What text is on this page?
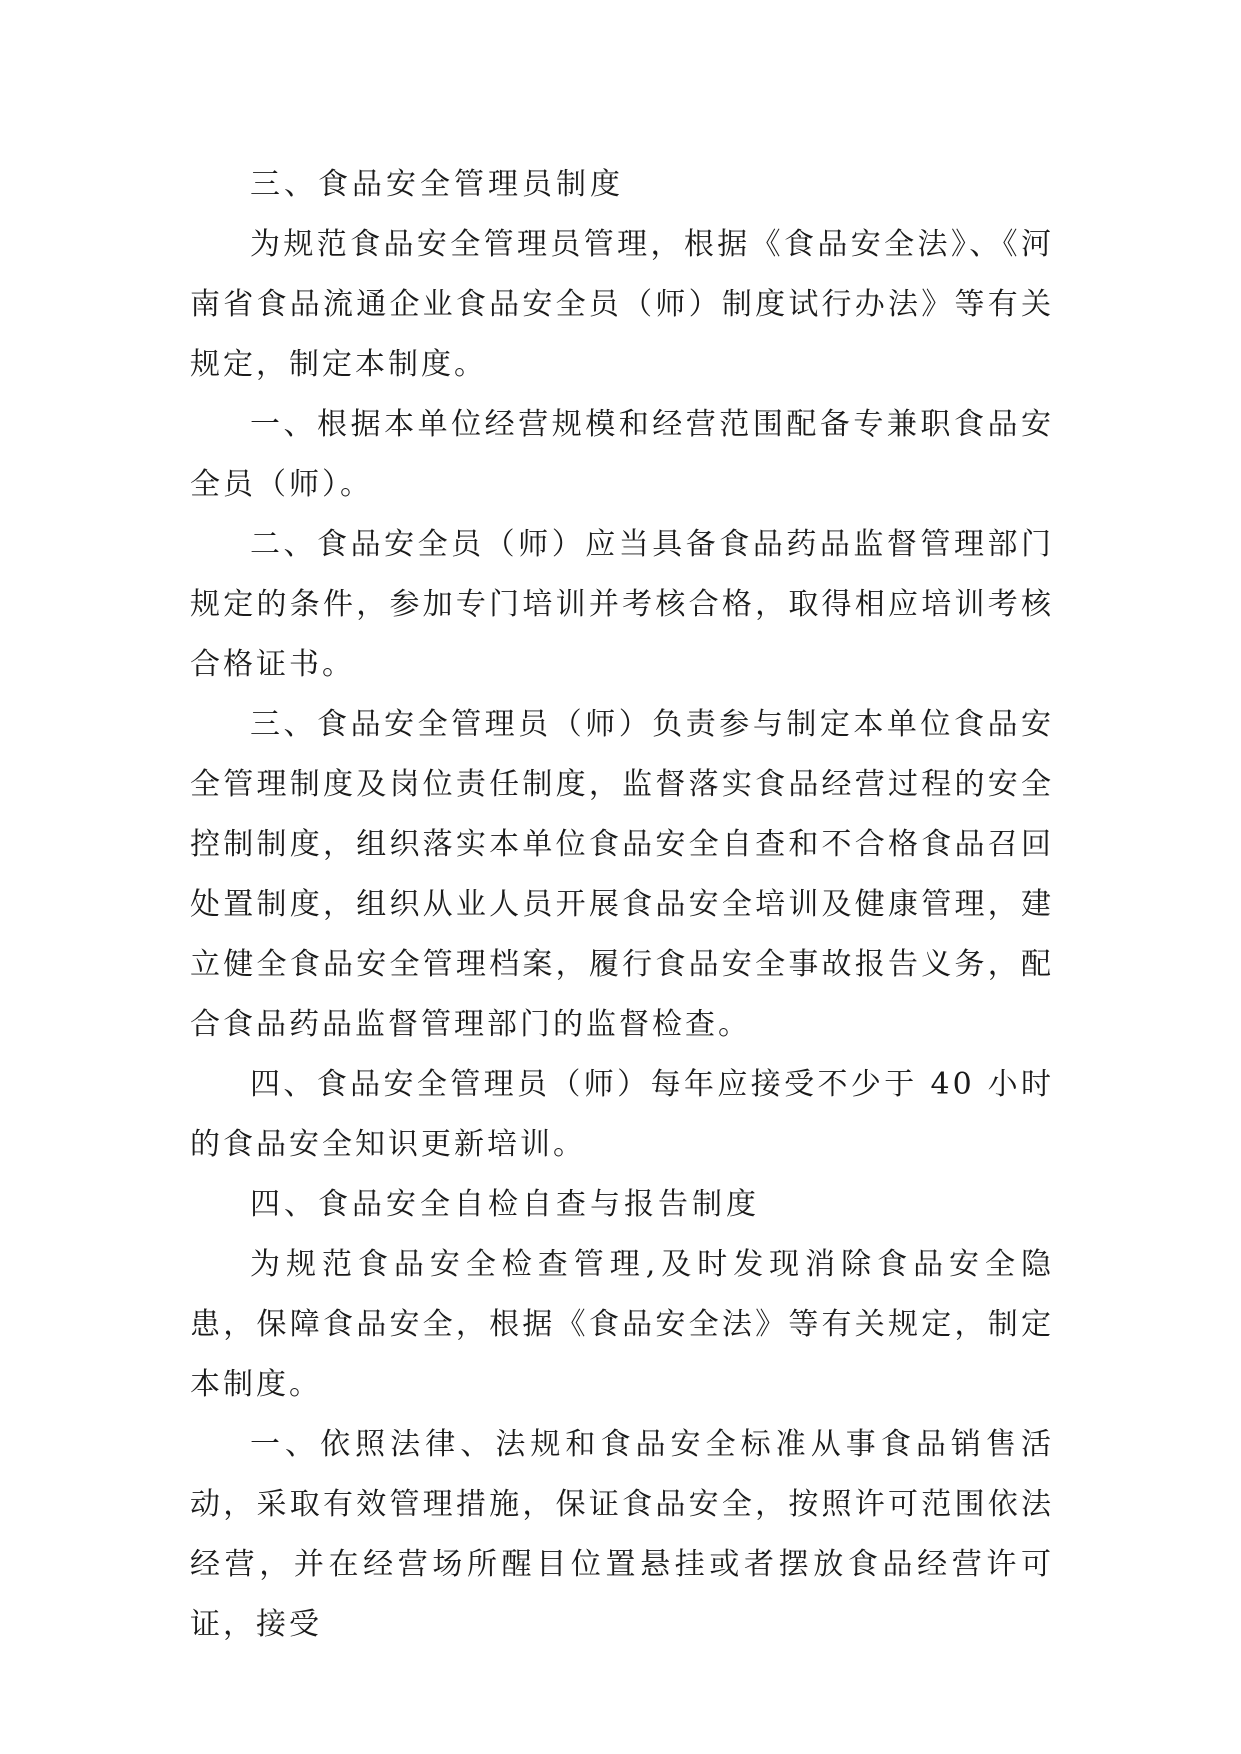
三、食品安全管理员制度

为规范食品安全管理员管理，根据《食品安全法》、《河南省食品流通企业食品安全员（师）制度试行办法》等有关规定，制定本制度。

一、根据本单位经营规模和经营范围配备专兼职食品安全员（师）。

二、食品安全员（师）应当具备食品药品监督管理部门规定的条件，参加专门培训并考核合格，取得相应培训考核合格证书。

三、食品安全管理员（师）负责参与制定本单位食品安全管理制度及岗位责任制度，监督落实食品经营过程的安全控制制度，组织落实本单位食品安全自查和不合格食品召回处置制度，组织从业人员开展食品安全培训及健康管理，建立健全食品安全管理档案，履行食品安全事故报告义务，配合食品药品监督管理部门的监督检查。

四、食品安全管理员（师）每年应接受不少于 40 小时的食品安全知识更新培训。

四、食品安全自检自查与报告制度

为规范食品安全检查管理,及时发现消除食品安全隐患，保障食品安全，根据《食品安全法》等有关规定，制定本制度。

一、依照法律、法规和食品安全标准从事食品销售活动，采取有效管理措施，保证食品安全，按照许可范围依法经营，并在经营场所醒目位置悬挂或者摆放食品经营许可证，接受
